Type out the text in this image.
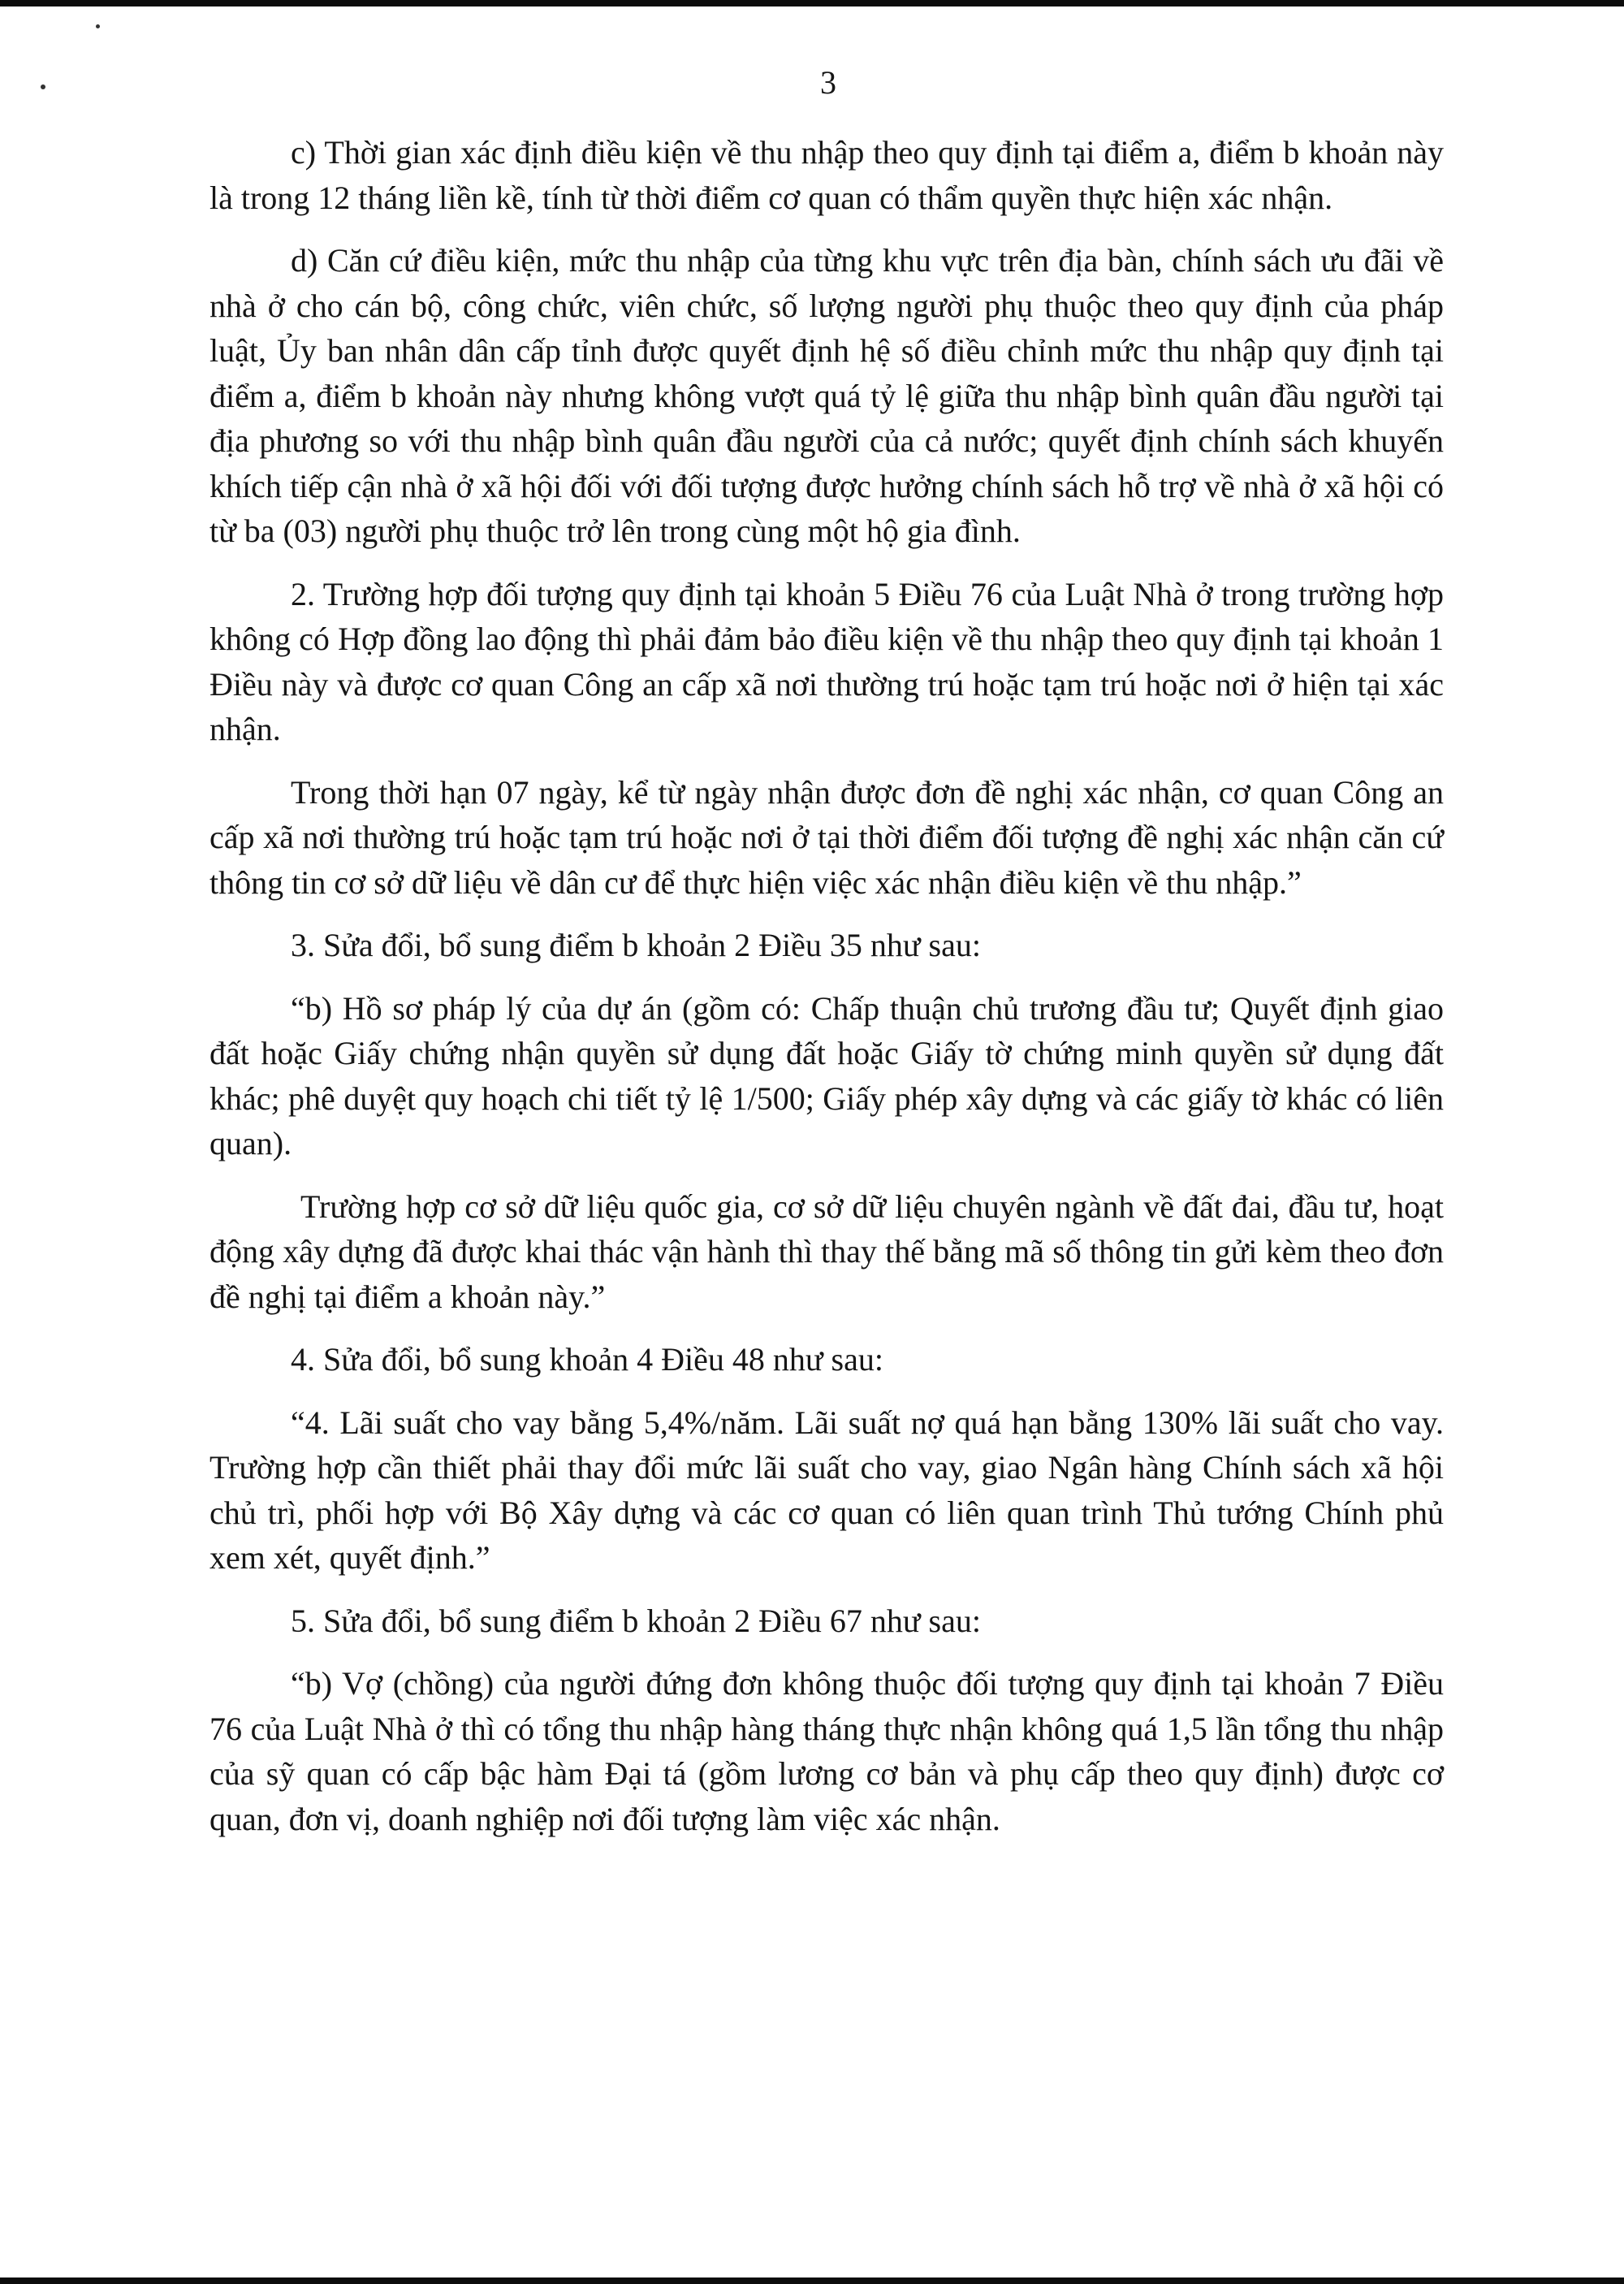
3

c) Thời gian xác định điều kiện về thu nhập theo quy định tại điểm a, điểm b khoản này là trong 12 tháng liền kề, tính từ thời điểm cơ quan có thẩm quyền thực hiện xác nhận.

d) Căn cứ điều kiện, mức thu nhập của từng khu vực trên địa bàn, chính sách ưu đãi về nhà ở cho cán bộ, công chức, viên chức, số lượng người phụ thuộc theo quy định của pháp luật, Ủy ban nhân dân cấp tỉnh được quyết định hệ số điều chỉnh mức thu nhập quy định tại điểm a, điểm b khoản này nhưng không vượt quá tỷ lệ giữa thu nhập bình quân đầu người tại địa phương so với thu nhập bình quân đầu người của cả nước; quyết định chính sách khuyến khích tiếp cận nhà ở xã hội đối với đối tượng được hưởng chính sách hỗ trợ về nhà ở xã hội có từ ba (03) người phụ thuộc trở lên trong cùng một hộ gia đình.

2. Trường hợp đối tượng quy định tại khoản 5 Điều 76 của Luật Nhà ở trong trường hợp không có Hợp đồng lao động thì phải đảm bảo điều kiện về thu nhập theo quy định tại khoản 1 Điều này và được cơ quan Công an cấp xã nơi thường trú hoặc tạm trú hoặc nơi ở hiện tại xác nhận.

Trong thời hạn 07 ngày, kể từ ngày nhận được đơn đề nghị xác nhận, cơ quan Công an cấp xã nơi thường trú hoặc tạm trú hoặc nơi ở tại thời điểm đối tượng đề nghị xác nhận căn cứ thông tin cơ sở dữ liệu về dân cư để thực hiện việc xác nhận điều kiện về thu nhập.”

3. Sửa đổi, bổ sung điểm b khoản 2 Điều 35 như sau:

“b) Hồ sơ pháp lý của dự án (gồm có: Chấp thuận chủ trương đầu tư; Quyết định giao đất hoặc Giấy chứng nhận quyền sử dụng đất hoặc Giấy tờ chứng minh quyền sử dụng đất khác; phê duyệt quy hoạch chi tiết tỷ lệ 1/500; Giấy phép xây dựng và các giấy tờ khác có liên quan).

Trường hợp cơ sở dữ liệu quốc gia, cơ sở dữ liệu chuyên ngành về đất đai, đầu tư, hoạt động xây dựng đã được khai thác vận hành thì thay thế bằng mã số thông tin gửi kèm theo đơn đề nghị tại điểm a khoản này.”

4. Sửa đổi, bổ sung khoản 4 Điều 48 như sau:

“4. Lãi suất cho vay bằng 5,4%/năm. Lãi suất nợ quá hạn bằng 130% lãi suất cho vay. Trường hợp cần thiết phải thay đổi mức lãi suất cho vay, giao Ngân hàng Chính sách xã hội chủ trì, phối hợp với Bộ Xây dựng và các cơ quan có liên quan trình Thủ tướng Chính phủ xem xét, quyết định.”

5. Sửa đổi, bổ sung điểm b khoản 2 Điều 67 như sau:

“b) Vợ (chồng) của người đứng đơn không thuộc đối tượng quy định tại khoản 7 Điều 76 của Luật Nhà ở thì có tổng thu nhập hàng tháng thực nhận không quá 1,5 lần tổng thu nhập của sỹ quan có cấp bậc hàm Đại tá (gồm lương cơ bản và phụ cấp theo quy định) được cơ quan, đơn vị, doanh nghiệp nơi đối tượng làm việc xác nhận.
